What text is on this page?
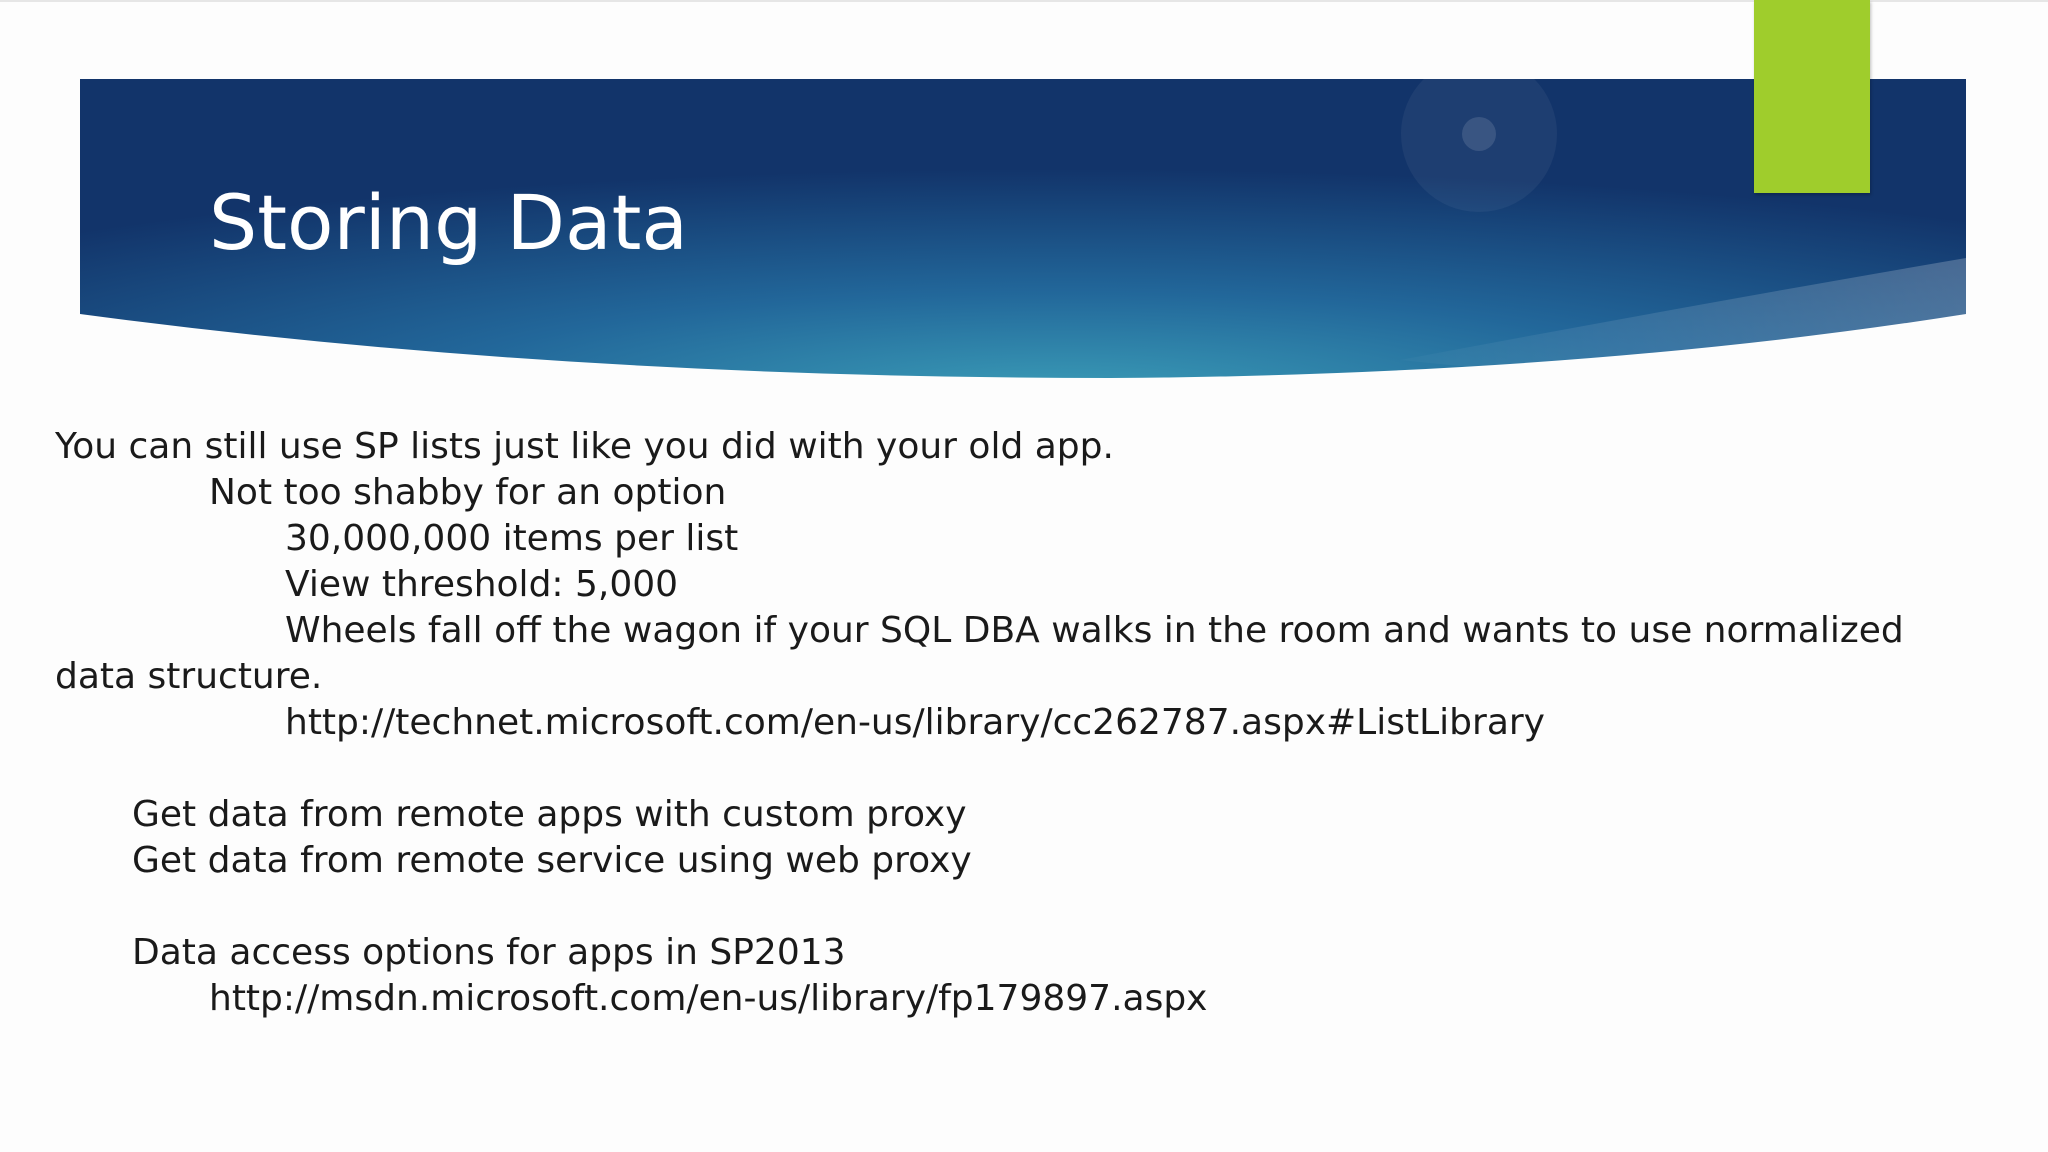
Storing Data
You can still use SP lists just like you did with your old app.
Not too shabby for an option
30,000,000 items per list
View threshold: 5,000
Wheels fall off the wagon if your SQL DBA walks in the room and wants to use normalized
data structure.
http://technet.microsoft.com/en-us/library/cc262787.aspx#ListLibrary
Get data from remote apps with custom proxy
Get data from remote service using web proxy
Data access options for apps in SP2013
http://msdn.microsoft.com/en-us/library/fp179897.aspx
